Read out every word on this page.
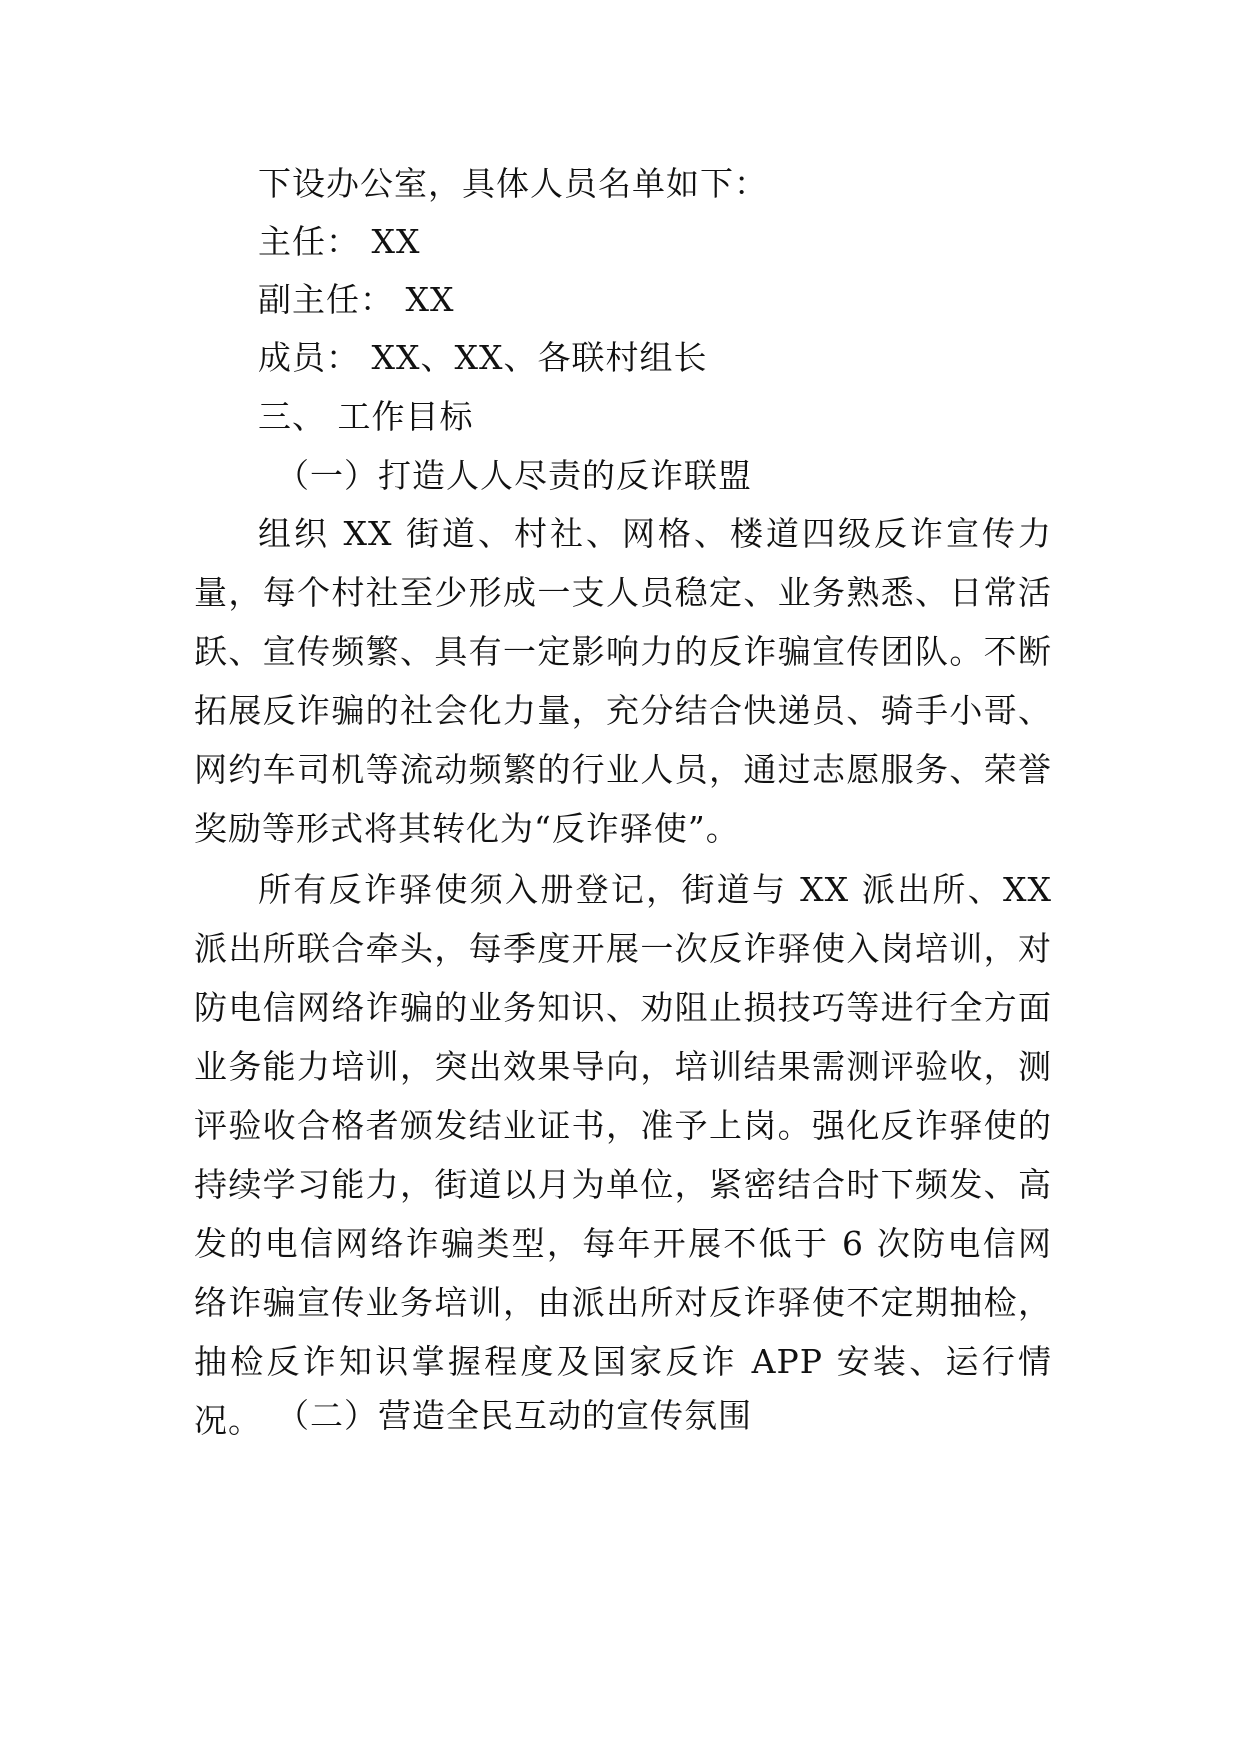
下设办公室，具体人员名单如下：
主任： XX
副主任： XX
成员： XX、XX、各联村组长
三、 工作目标
（一）打造人人尽责的反诈联盟
组织 XX 街道、村社、网格、楼道四级反诈宣传力量，每个村社至少形成一支人员稳定、业务熟悉、日常活跃、宣传频繁、具有一定影响力的反诈骗宣传团队。不断拓展反诈骗的社会化力量，充分结合快递员、骑手小哥、网约车司机等流动频繁的行业人员，通过志愿服务、荣誉奖励等形式将其转化为“反诈驿使”。
所有反诈驿使须入册登记，街道与 XX 派出所、XX 派出所联合牵头，每季度开展一次反诈驿使入岗培训，对防电信网络诈骗的业务知识、劝阻止损技巧等进行全方面业务能力培训，突出效果导向，培训结果需测评验收，测评验收合格者颁发结业证书，准予上岗。强化反诈驿使的持续学习能力，街道以月为单位，紧密结合时下频发、高发的电信网络诈骗类型，每年开展不低于 6 次防电信网络诈骗宣传业务培训，由派出所对反诈驿使不定期抽检，抽检反诈知识掌握程度及国家反诈 APP 安装、运行情况。 （二）营造全民互动的宣传氛围
